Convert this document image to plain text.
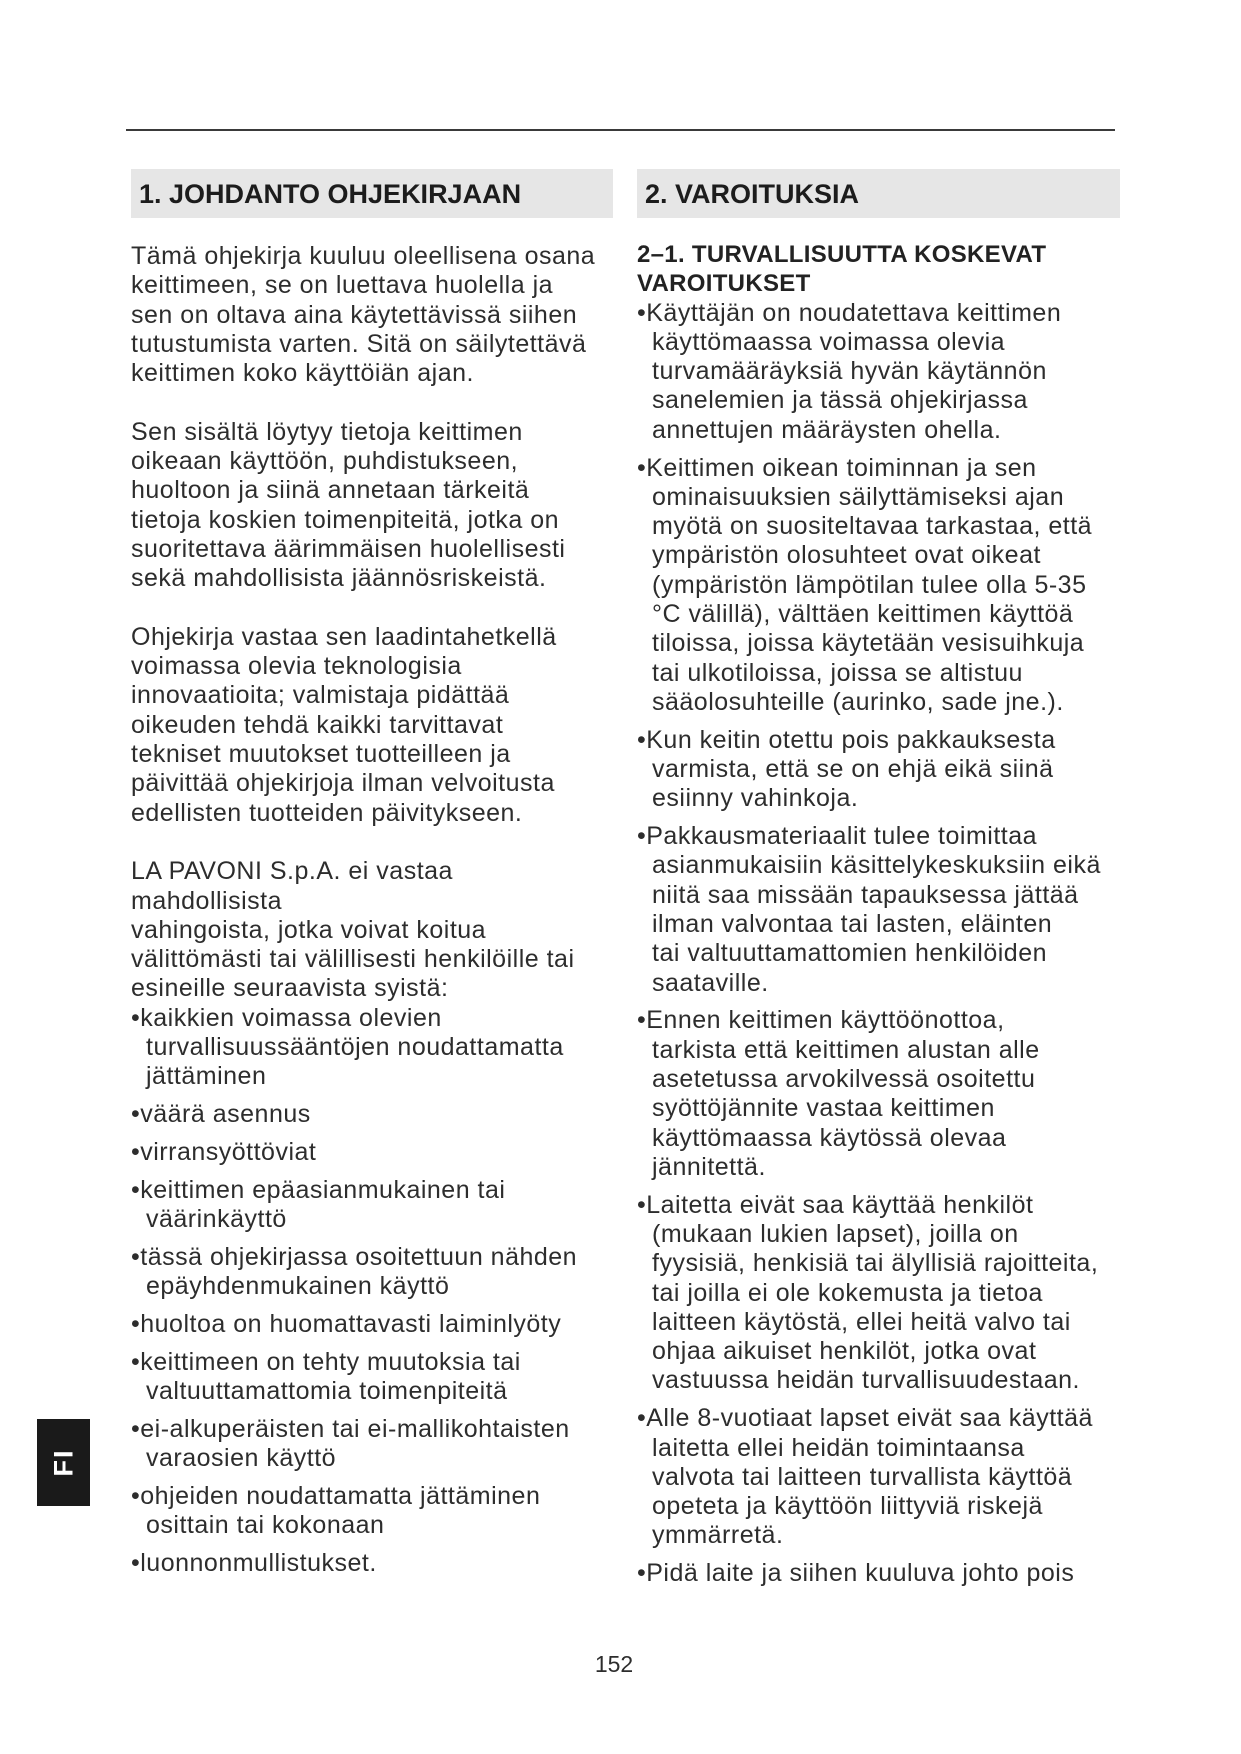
1. JOHDANTO OHJEKIRJAAN	2. VAROITUKSIA

Tämä ohjekirja kuuluu oleellisena osana
keittimeen, se on luettava huolella ja
sen on oltava aina käytettävissä siihen
tutustumista varten. Sitä on säilytettävä
keittimen koko käyttöiän ajan.

Sen sisältä löytyy tietoja keittimen
oikeaan käyttöön, puhdistukseen,
huoltoon ja siinä annetaan tärkeitä
tietoja koskien toimenpiteitä, jotka on
suoritettava äärimmäisen huolellisesti
sekä mahdollisista jäännösriskeistä.

Ohjekirja vastaa sen laadintahetkellä
voimassa olevia teknologisia
innovaatioita; valmistaja pidättää
oikeuden tehdä kaikki tarvittavat
tekniset muutokset tuotteilleen ja
päivittää ohjekirjoja ilman velvoitusta
edellisten tuotteiden päivitykseen.

LA PAVONI S.p.A. ei vastaa mahdollisista
vahingoista, jotka voivat koitua
välittömästi tai välillisesti henkilöille tai
esineille seuraavista syistä:

•kaikkien voimassa olevien
turvallisuussääntöjen noudattamatta
jättäminen
•väärä asennus
•virransyöttöviat
•keittimen epäasianmukainen tai
väärinkäyttö
•tässä ohjekirjassa osoitettuun nähden
epäyhdenmukainen käyttö
•huoltoa on huomattavasti laiminlyöty
•keittimeen on tehty muutoksia tai
valtuuttamattomia toimenpiteitä
•ei-alkuperäisten tai ei-mallikohtaisten
varaosien käyttö
•ohjeiden noudattamatta jättäminen
osittain tai kokonaan
•luonnonmullistukset.

2–1. TURVALLISUUTTA KOSKEVAT
VAROITUKSET

•Käyttäjän on noudatettava keittimen
käyttömaassa voimassa olevia
turvamääräyksiä hyvän käytännön
sanelemien ja tässä ohjekirjassa
annettujen määräysten ohella.
•Keittimen oikean toiminnan ja sen
ominaisuuksien säilyttämiseksi ajan
myötä on suositeltavaa tarkastaa, että
ympäristön olosuhteet ovat oikeat
(ympäristön lämpötilan tulee olla 5-35
°C välillä), välttäen keittimen käyttöä
tiloissa, joissa käytetään vesisuihkuja
tai ulkotiloissa, joissa se altistuu
sääolosuhteille (aurinko, sade jne.).
•Kun keitin otettu pois pakkauksesta
varmista, että se on ehjä eikä siinä
esiinny vahinkoja.
•Pakkausmateriaalit tulee toimittaa
asianmukaisiin käsittelykeskuksiin eikä
niitä saa missään tapauksessa jättää
ilman valvontaa tai lasten, eläinten
tai valtuuttamattomien henkilöiden
saataville.
•Ennen keittimen käyttöönottoa,
tarkista että keittimen alustan alle
asetetussa arvokilvessä osoitettu
syöttöjännite vastaa keittimen
käyttömaassa käytössä olevaa
jännitettä.
•Laitetta eivät saa käyttää henkilöt
(mukaan lukien lapset), joilla on
fyysisiä, henkisiä tai älyllisiä rajoitteita,
tai joilla ei ole kokemusta ja tietoa
laitteen käytöstä, ellei heitä valvo tai
ohjaa aikuiset henkilöt, jotka ovat
vastuussa heidän turvallisuudestaan.
•Alle 8-vuotiaat lapset eivät saa käyttää
laitetta ellei heidän toimintaansa
valvota tai laitteen turvallista käyttöä
opeteta ja käyttöön liittyviä riskejä
ymmärretä.
•Pidä laite ja siihen kuuluva johto pois
FI
152
